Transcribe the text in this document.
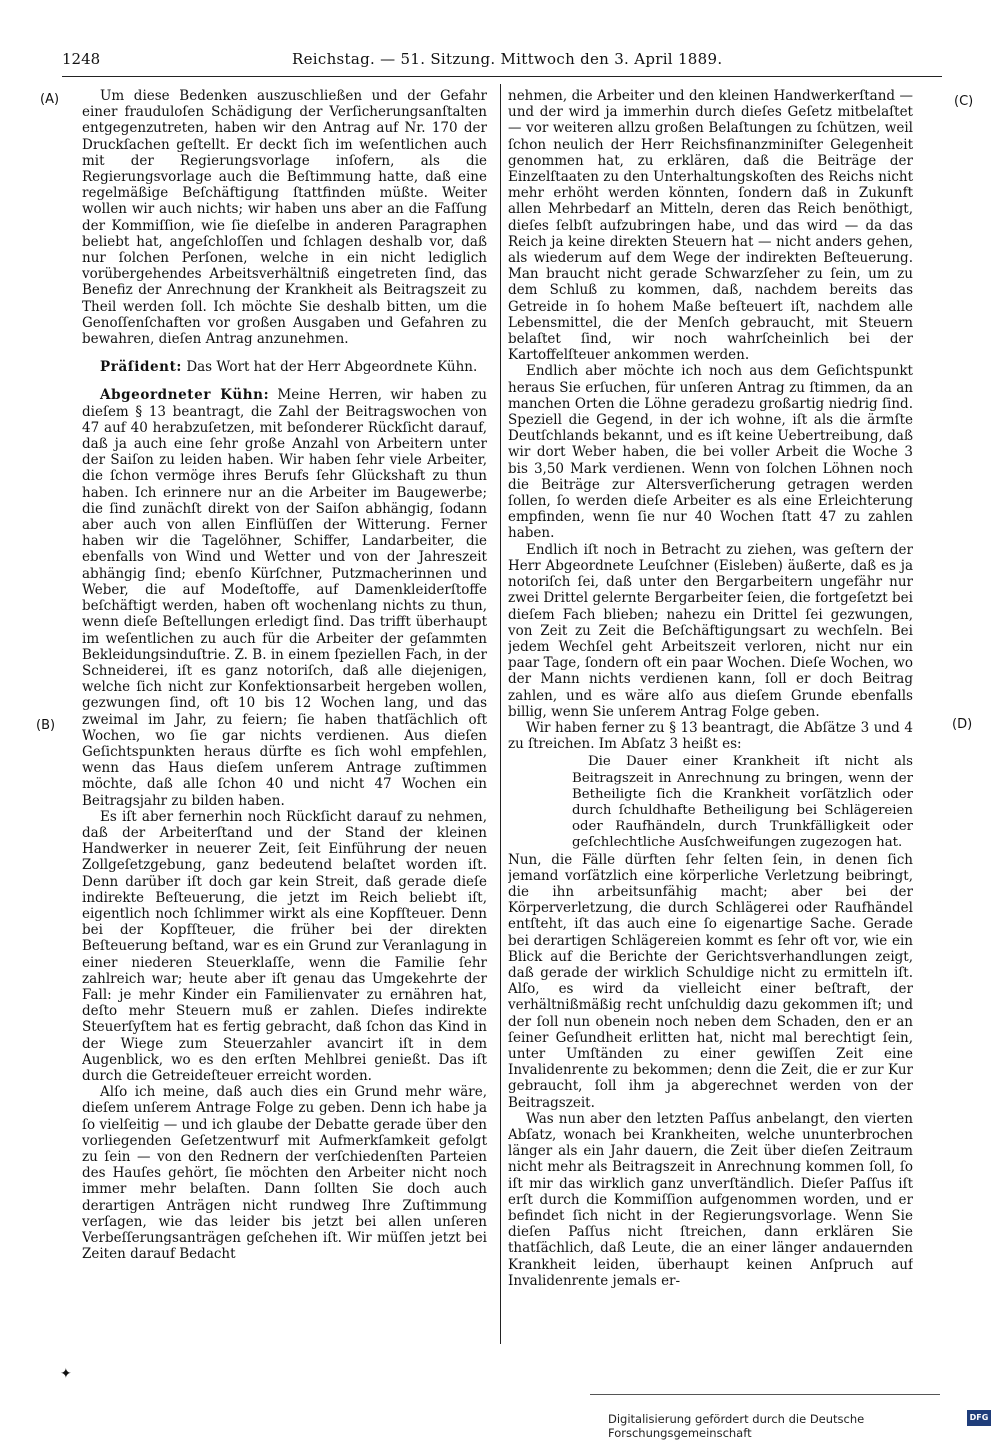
1248	Reichstag. — 51. Sitzung. Mittwoch den 3. April 1889.
(A)
(B)
(C)
(D)

Um diese Bedenken auszuschließen und der Gefahr einer frauduloſen Schädigung der Verſicherungsanſtalten entgegenzutreten, haben wir den Antrag auf Nr. 170 der Druckſachen geſtellt. Er deckt ſich im weſentlichen auch mit der Regierungsvorlage inſofern, als die Regierungsvorlage auch die Beſtimmung hatte, daß eine regelmäßige Beſchäftigung ſtattfinden müßte. Weiter wollen wir auch nichts; wir haben uns aber an die Faſſung der Kommiſſion, wie ſie dieſelbe in anderen Paragraphen beliebt hat, angeſchloſſen und ſchlagen deshalb vor, daß nur ſolchen Perſonen, welche in ein nicht lediglich vorübergehendes Arbeitsverhältniß eingetreten ſind, das Benefiz der Anrechnung der Krankheit als Beitragszeit zu Theil werden ſoll. Ich möchte Sie deshalb bitten, um die Genoſſenſchaften vor großen Ausgaben und Gefahren zu bewahren, dieſen Antrag anzunehmen.

Präſident: Das Wort hat der Herr Abgeordnete Kühn.

Abgeordneter Kühn: Meine Herren, wir haben zu dieſem § 13 beantragt, die Zahl der Beitragswochen von 47 auf 40 herabzuſetzen, mit beſonderer Rückſicht darauf, daß ja auch eine ſehr große Anzahl von Arbeitern unter der Saiſon zu leiden haben. Wir haben ſehr viele Arbeiter, die ſchon vermöge ihres Berufs ſehr Glückshaft zu thun haben. Ich erinnere nur an die Arbeiter im Baugewerbe; die ſind zunächſt direkt von der Saiſon abhängig, ſodann aber auch von allen Einflüſſen der Witterung. Ferner haben wir die Tagelöhner, Schiffer, Landarbeiter, die ebenfalls von Wind und Wetter und von der Jahreszeit abhängig ſind; ebenſo Kürſchner, Putzmacherinnen und Weber, die auf Modeſtoffe, auf Damenkleiderſtoffe beſchäftigt werden, haben oft wochenlang nichts zu thun, wenn dieſe Beſtellungen erledigt ſind. Das trifft überhaupt im weſentlichen zu auch für die Arbeiter der geſammten Bekleidungsinduſtrie. Z. B. in einem ſpeziellen Fach, in der Schneiderei, iſt es ganz notoriſch, daß alle diejenigen, welche ſich nicht zur Konfektionsarbeit hergeben wollen, gezwungen ſind, oft 10 bis 12 Wochen lang, und das zweimal im Jahr, zu feiern; ſie haben thatſächlich oft Wochen, wo ſie gar nichts verdienen. Aus dieſen Geſichtspunkten heraus dürfte es ſich wohl empfehlen, wenn das Haus dieſem unſerem Antrage zuſtimmen möchte, daß alle ſchon 40 und nicht 47 Wochen ein Beitragsjahr zu bilden haben.

Es iſt aber fernerhin noch Rückſicht darauf zu nehmen, daß der Arbeiterſtand und der Stand der kleinen Handwerker in neuerer Zeit, ſeit Einführung der neuen Zollgeſetzgebung, ganz bedeutend belaſtet worden iſt. Denn darüber iſt doch gar kein Streit, daß gerade dieſe indirekte Beſteuerung, die jetzt im Reich beliebt iſt, eigentlich noch ſchlimmer wirkt als eine Kopfſteuer. Denn bei der Kopfſteuer, die früher bei der direkten Beſteuerung beſtand, war es ein Grund zur Veranlagung in einer niederen Steuerklaſſe, wenn die Familie ſehr zahlreich war; heute aber iſt genau das Umgekehrte der Fall: je mehr Kinder ein Familienvater zu ernähren hat, deſto mehr Steuern muß er zahlen. Dieſes indirekte Steuerſyſtem hat es fertig gebracht, daß ſchon das Kind in der Wiege zum Steuerzahler avancirt iſt in dem Augenblick, wo es den erſten Mehlbrei genießt. Das iſt durch die Getreideſteuer erreicht worden.

Alſo ich meine, daß auch dies ein Grund mehr wäre, dieſem unſerem Antrage Folge zu geben. Denn ich habe ja ſo vielſeitig — und ich glaube der Debatte gerade über den vorliegenden Geſetzentwurf mit Aufmerkſamkeit gefolgt zu ſein — von den Rednern der verſchiedenſten Parteien des Hauſes gehört, ſie möchten den Arbeiter nicht noch immer mehr belaſten. Dann ſollten Sie doch auch derartigen Anträgen nicht rundweg Ihre Zuſtimmung verſagen, wie das leider bis jetzt bei allen unſeren Verbeſſerungsanträgen geſchehen iſt. Wir müſſen jetzt bei Zeiten darauf Bedacht

nehmen, die Arbeiter und den kleinen Handwerkerſtand — und der wird ja immerhin durch dieſes Geſetz mitbelaſtet — vor weiteren allzu großen Belaſtungen zu ſchützen, weil ſchon neulich der Herr Reichsfinanzminiſter Gelegenheit genommen hat, zu erklären, daß die Beiträge der Einzelſtaaten zu den Unterhaltungskoſten des Reichs nicht mehr erhöht werden könnten, ſondern daß in Zukunft allen Mehrbedarf an Mitteln, deren das Reich benöthigt, dieſes ſelbſt aufzubringen habe, und das wird — da das Reich ja keine direkten Steuern hat — nicht anders gehen, als wiederum auf dem Wege der indirekten Beſteuerung. Man braucht nicht gerade Schwarzſeher zu ſein, um zu dem Schluß zu kommen, daß, nachdem bereits das Getreide in ſo hohem Maße beſteuert iſt, nachdem alle Lebensmittel, die der Menſch gebraucht, mit Steuern belaſtet ſind, wir noch wahrſcheinlich bei der Kartoffelſteuer ankommen werden.

Endlich aber möchte ich noch aus dem Geſichtspunkt heraus Sie erſuchen, für unſeren Antrag zu ſtimmen, da an manchen Orten die Löhne geradezu großartig niedrig ſind. Speziell die Gegend, in der ich wohne, iſt als die ärmſte Deutſchlands bekannt, und es iſt keine Uebertreibung, daß wir dort Weber haben, die bei voller Arbeit die Woche 3 bis 3,50 Mark verdienen. Wenn von ſolchen Löhnen noch die Beiträge zur Altersverſicherung getragen werden ſollen, ſo werden dieſe Arbeiter es als eine Erleichterung empfinden, wenn ſie nur 40 Wochen ſtatt 47 zu zahlen haben.

Endlich iſt noch in Betracht zu ziehen, was geſtern der Herr Abgeordnete Leuſchner (Eisleben) äußerte, daß es ja notoriſch ſei, daß unter den Bergarbeitern ungefähr nur zwei Drittel gelernte Bergarbeiter ſeien, die fortgeſetzt bei dieſem Fach blieben; nahezu ein Drittel ſei gezwungen, von Zeit zu Zeit die Beſchäftigungsart zu wechſeln. Bei jedem Wechſel geht Arbeitszeit verloren, nicht nur ein paar Tage, ſondern oft ein paar Wochen. Dieſe Wochen, wo der Mann nichts verdienen kann, ſoll er doch Beitrag zahlen, und es wäre alſo aus dieſem Grunde ebenfalls billig, wenn Sie unſerem Antrag Folge geben.

Wir haben ferner zu § 13 beantragt, die Abſätze 3 und 4 zu ſtreichen. Im Abſatz 3 heißt es:

Die Dauer einer Krankheit iſt nicht als Beitragszeit in Anrechnung zu bringen, wenn der Betheiligte ſich die Krankheit vorſätzlich oder durch ſchuldhafte Betheiligung bei Schlägereien oder Raufhändeln, durch Trunkfälligkeit oder geſchlechtliche Ausſchweifungen zugezogen hat.

Nun, die Fälle dürften ſehr ſelten ſein, in denen ſich jemand vorſätzlich eine körperliche Verletzung beibringt, die ihn arbeitsunfähig macht; aber bei der Körperverletzung, die durch Schlägerei oder Raufhändel entſteht, iſt das auch eine ſo eigenartige Sache. Gerade bei derartigen Schlägereien kommt es ſehr oft vor, wie ein Blick auf die Berichte der Gerichtsverhandlungen zeigt, daß gerade der wirklich Schuldige nicht zu ermitteln iſt. Alſo, es wird da vielleicht einer beſtraft, der verhältnißmäßig recht unſchuldig dazu gekommen iſt; und der ſoll nun obenein noch neben dem Schaden, den er an ſeiner Geſundheit erlitten hat, nicht mal berechtigt ſein, unter Umſtänden zu einer gewiſſen Zeit eine Invalidenrente zu bekommen; denn die Zeit, die er zur Kur gebraucht, ſoll ihm ja abgerechnet werden von der Beitragszeit.

Was nun aber den letzten Paſſus anbelangt, den vierten Abſatz, wonach bei Krankheiten, welche ununterbrochen länger als ein Jahr dauern, die Zeit über dieſen Zeitraum nicht mehr als Beitragszeit in Anrechnung kommen ſoll, ſo iſt mir das wirklich ganz unverſtändlich. Dieſer Paſſus iſt erſt durch die Kommiſſion aufgenommen worden, und er befindet ſich nicht in der Regierungsvorlage. Wenn Sie dieſen Paſſus nicht ſtreichen, dann erklären Sie thatſächlich, daß Leute, die an einer länger andauernden Krankheit leiden, überhaupt keinen Anſpruch auf Invalidenrente jemals er-

✦
Digitalisierung gefördert durch die Deutsche Forschungsgemeinschaft
DFG
